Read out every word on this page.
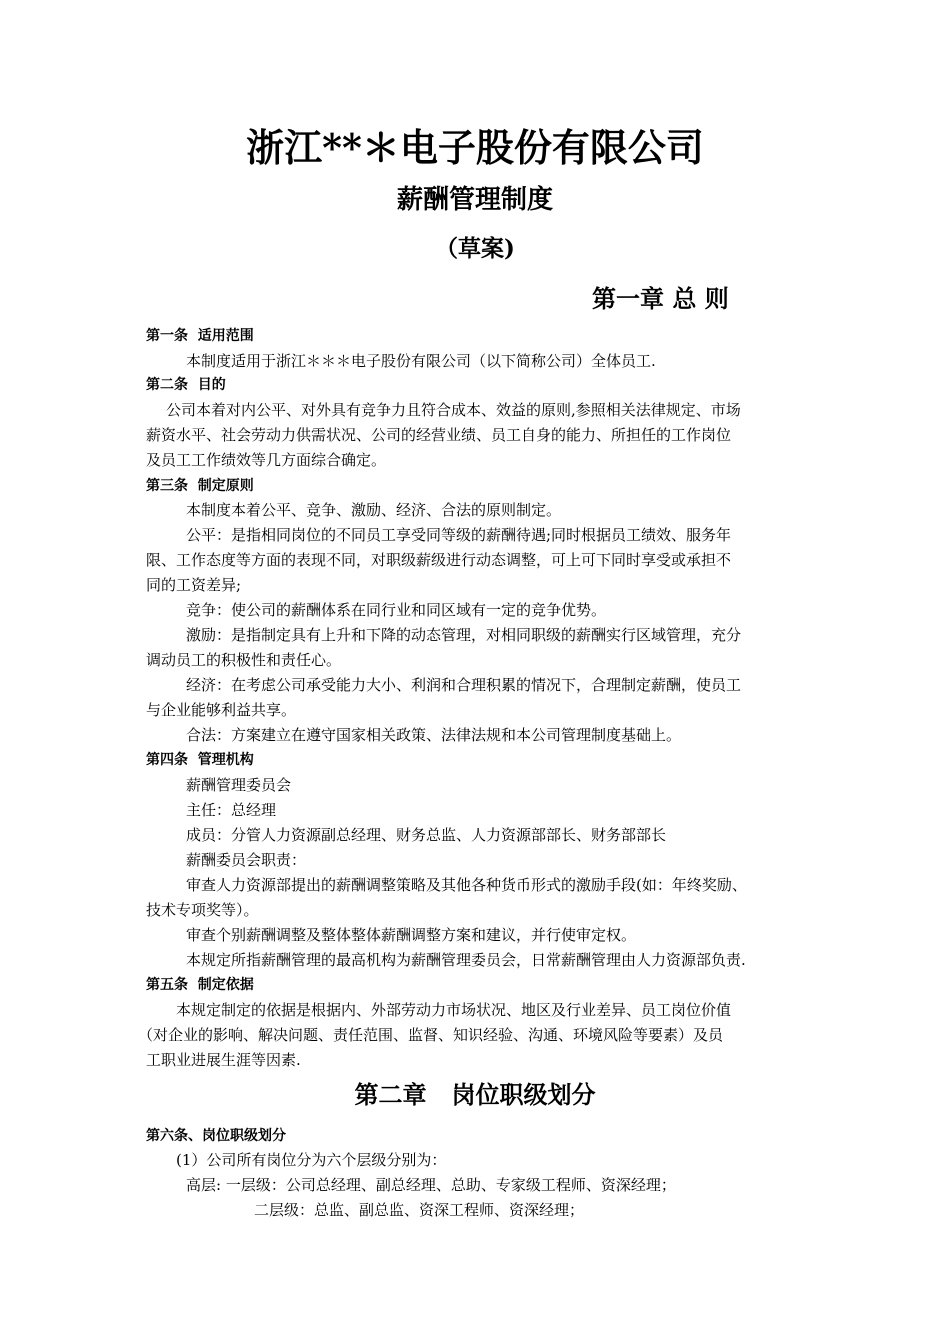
浙江**＊电子股份有限公司
薪酬管理制度
（草案)
第一章 总 则
第一条  适用范围
本制度适用于浙江＊＊＊电子股份有限公司（以下简称公司）全体员工.
第二条  目的
公司本着对内公平、对外具有竞争力且符合成本、效益的原则,参照相关法律规定、市场
薪资水平、社会劳动力供需状况、公司的经营业绩、员工自身的能力、所担任的工作岗位
及员工工作绩效等几方面综合确定。
第三条  制定原则
本制度本着公平、竞争、激励、经济、合法的原则制定。
公平：是指相同岗位的不同员工享受同等级的薪酬待遇;同时根据员工绩效、服务年
限、工作态度等方面的表现不同，对职级薪级进行动态调整，可上可下同时享受或承担不
同的工资差异;
竞争：使公司的薪酬体系在同行业和同区域有一定的竞争优势。
激励：是指制定具有上升和下降的动态管理，对相同职级的薪酬实行区域管理，充分
调动员工的积极性和责任心。
经济：在考虑公司承受能力大小、利润和合理积累的情况下，合理制定薪酬，使员工
与企业能够利益共享。
合法：方案建立在遵守国家相关政策、法律法规和本公司管理制度基础上。
第四条  管理机构
薪酬管理委员会
主任：总经理
成员：分管人力资源副总经理、财务总监、人力资源部部长、财务部部长
薪酬委员会职责：
审查人力资源部提出的薪酬调整策略及其他各种货币形式的激励手段(如：年终奖励、
技术专项奖等）。
审查个别薪酬调整及整体整体薪酬调整方案和建议，并行使审定权。
本规定所指薪酬管理的最高机构为薪酬管理委员会，日常薪酬管理由人力资源部负责.
第五条  制定依据
本规定制定的依据是根据内、外部劳动力市场状况、地区及行业差异、员工岗位价值
（对企业的影响、解决问题、责任范围、监督、知识经验、沟通、环境风险等要素）及员
工职业进展生涯等因素.
第二章   岗位职级划分
第六条、岗位职级划分
(1）公司所有岗位分为六个层级分别为：
高层: 一层级：公司总经理、副总经理、总助、专家级工程师、资深经理；
二层级：总监、副总监、资深工程师、资深经理；
